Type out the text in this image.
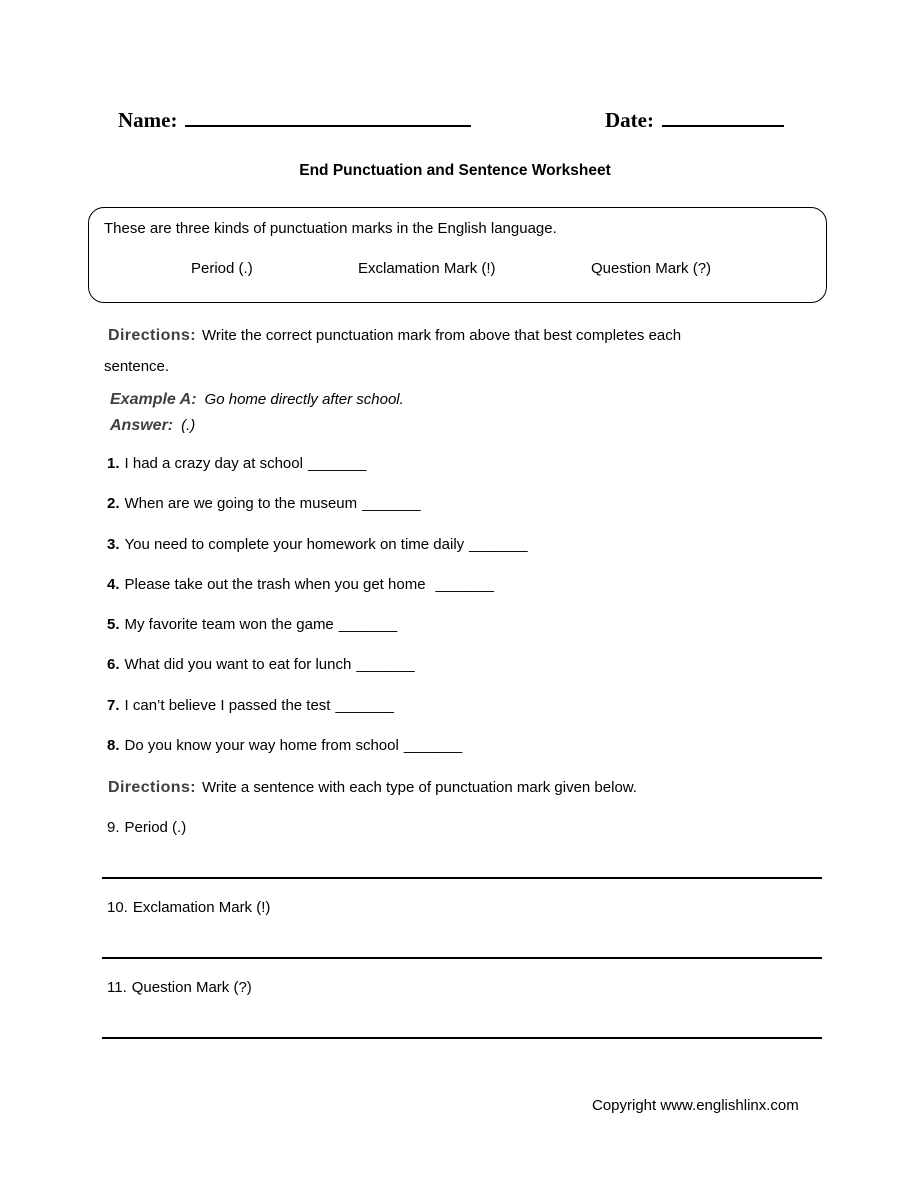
Name:	Date:
End Punctuation and Sentence Worksheet
These are three kinds of punctuation marks in the English language.
Period (.)	Exclamation Mark (!)	Question Mark (?)
Directions: Write the correct punctuation mark from above that best completes each
sentence.
Example A: Go home directly after school.
Answer: (.)
1. I had a crazy day at school _______
2. When are we going to the museum _______
3. You need to complete your homework on time daily _______
4. Please take out the trash when you get home _______
5. My favorite team won the game _______
6. What did you want to eat for lunch _______
7. I can’t believe I passed the test _______
8. Do you know your way home from school _______
Directions: Write a sentence with each type of punctuation mark given below.
9. Period (.)
10. Exclamation Mark (!)
11. Question Mark (?)
Copyright www.englishlinx.com
